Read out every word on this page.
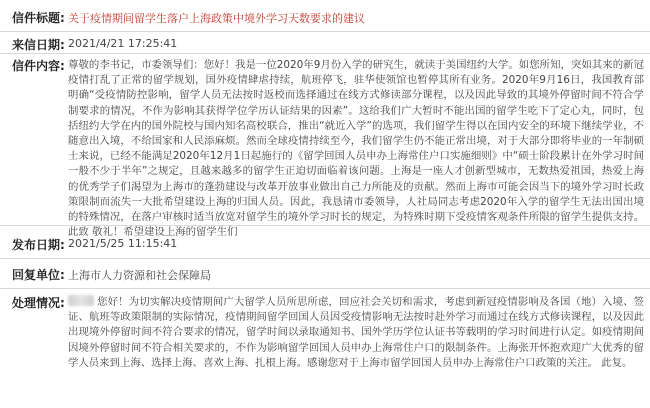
信件标题: 关于疫情期间留学生落户上海政策中境外学习天数要求的建议
来信日期: 2021/4/21 17:25:41
信件内容: 尊敬的李书记，市委领导们：您好！我是一位2020年9月份入学的研究生，就读于美国纽约大学。如您所知，突如其来的新冠疫情打乱了正常的留学规划，国外疫情肆虐持续，航班停飞，驻华使领馆也暂停其所有业务。2020年9月16日，我国教育部明确“受疫情防控影响，留学人员无法按时返校而选择通过在线方式修读部分课程，以及因此导致的其境外停留时间不符合学制要求的情况，不作为影响其获得学位学历认证结果的因素”。这给我们广大暂时不能出国的留学生吃下了定心丸，同时，包括纽约大学在内的国外院校与国内知名高校联合，推出“就近入学”的选项，我们留学生得以在国内安全的环境下继续学业，不随意出入境，不给国家和人民添麻烦。然而全球疫情持续至今，我们留学生仍不能正常出境，对于大部分即将毕业的一年制硕士来说，已经不能满足2020年12月1日起施行的《留学回国人员申办上海常住户口实施细则》中“硕士阶段累计在外学习时间一般不少于半年”之规定，且越来越多的留学生正迫切面临着该问题。上海是一座人才创新型城市，无数热爱祖国，热爱上海的优秀学子们渴望为上海市的蓬勃建设与改革开放事业做出自己力所能及的贡献。然而上海市可能会因当下的境外学习时长政策限制而流失一大批希望建设上海的归国人员。因此，我恳请市委领导，人社局同志考虑2020年入学的留学生无法出国出境的特殊情况，在落户审核时适当放宽对留学生的境外学习时长的规定，为特殊时期下受疫情客观条件所限的留学生提供支持。此致 敬礼！希望建设上海的留学生们
发布日期: 2021/5/25 11:15:41
回复单位: 上海市人力资源和社会保障局
处理情况:	您好！为切实解决疫情期间广大留学人员所思所虑，回应社会关切和需求，考虑到新冠疫情影响及各国（地）入境、签证、航班等政策限制的实际情况，疫情期间留学回国人员因受疫情影响无法按时赴外学习而通过在线方式修读课程，以及因此出现境外停留时间不符合要求的情况，留学时间以录取通知书、国外学历学位认证书等载明的学习时间进行认定。如疫情期间因境外停留时间不符合相关要求的，不作为影响留学回国人员申办上海常住户口的限制条件。上海张开怀抱欢迎广大优秀的留学人员来到上海、选择上海、喜欢上海、扎根上海。感谢您对于上海市留学回国人员申办上海常住户口政策的关注。 此复。
